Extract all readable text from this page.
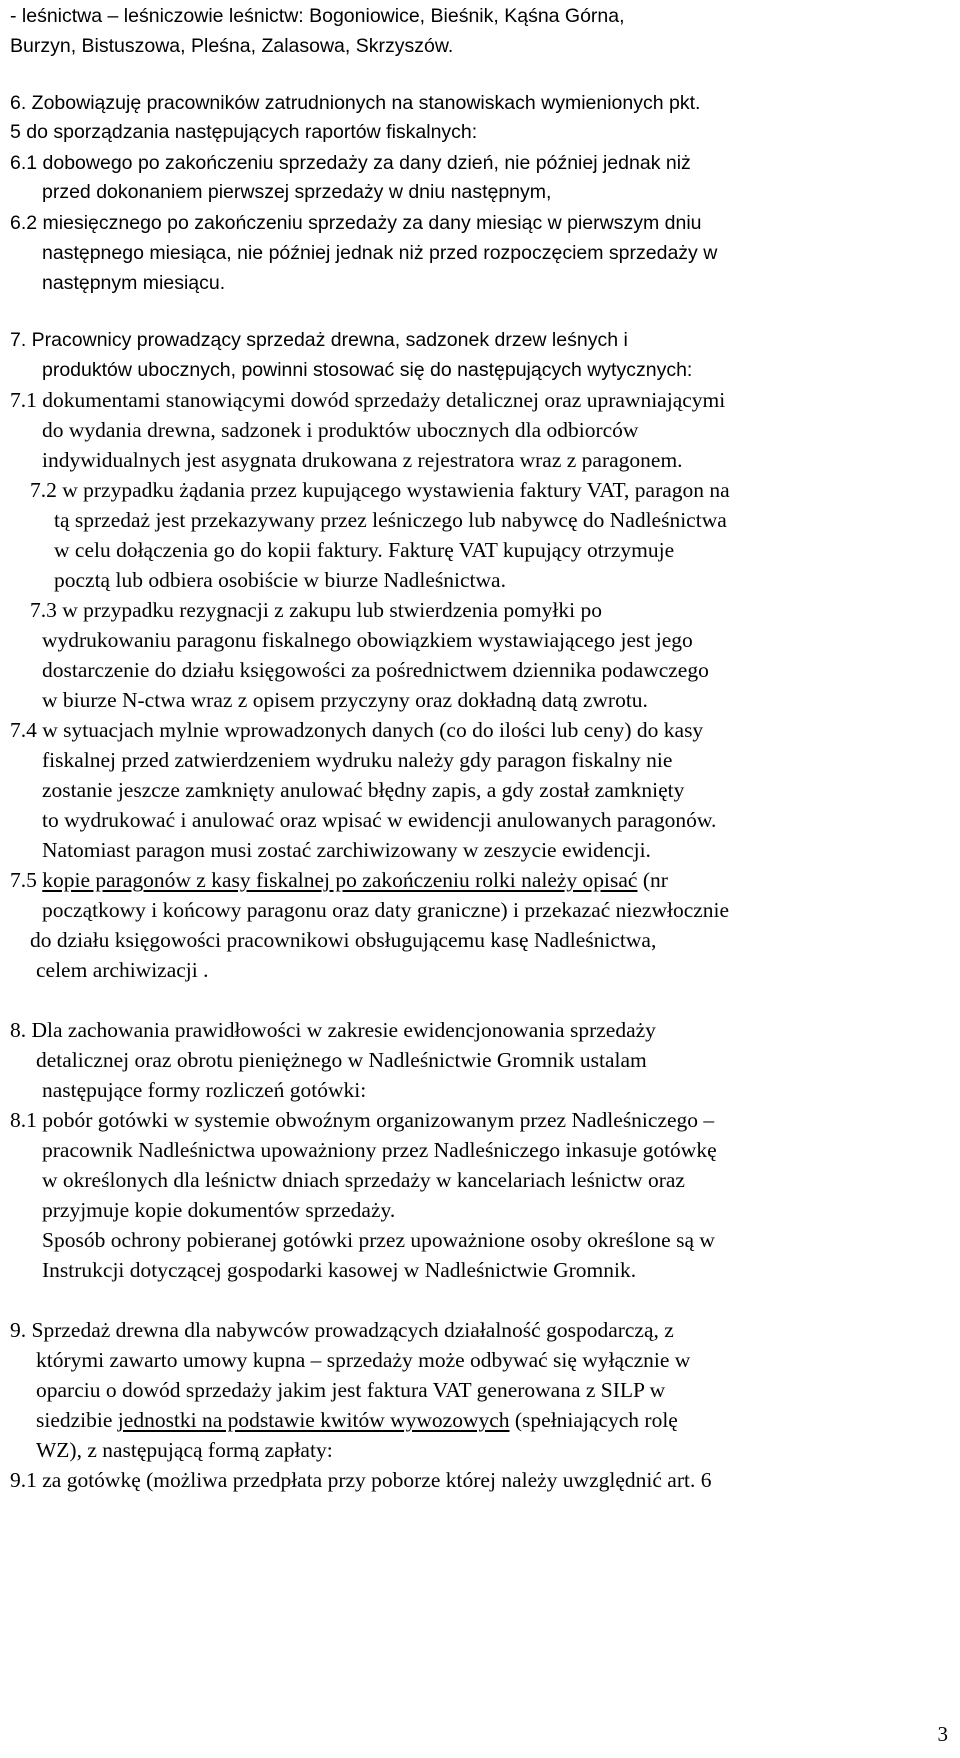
3
- leśnictwa – leśniczowie leśnictw: Bogoniowice, Bieśnik, Kąśna Górna,
Burzyn, Bistuszowa, Pleśna, Zalasowa, Skrzyszów.
6. Zobowiązuję pracowników zatrudnionych na stanowiskach wymienionych pkt.
5 do sporządzania następujących raportów fiskalnych:
6.1 dobowego po zakończeniu sprzedaży za dany dzień, nie później jednak niż
przed dokonaniem pierwszej sprzedaży w dniu następnym,
6.2 miesięcznego po zakończeniu sprzedaży za dany miesiąc w pierwszym dniu
następnego miesiąca, nie później jednak niż przed rozpoczęciem sprzedaży w
następnym miesiącu.
7. Pracownicy prowadzący sprzedaż drewna, sadzonek drzew leśnych i
produktów ubocznych, powinni stosować się do następujących wytycznych:
7.1 dokumentami stanowiącymi dowód sprzedaży detalicznej oraz uprawniającymi
do wydania drewna, sadzonek i produktów ubocznych dla odbiorców
indywidualnych jest asygnata drukowana z rejestratora wraz z paragonem.
7.2 w przypadku żądania przez kupującego wystawienia faktury VAT, paragon na
tą sprzedaż jest przekazywany przez leśniczego lub nabywcę do Nadleśnictwa
w celu dołączenia go do kopii faktury. Fakturę VAT kupujący otrzymuje
pocztą lub odbiera osobiście w biurze Nadleśnictwa.
7.3 w przypadku rezygnacji z zakupu lub stwierdzenia pomyłki po
wydrukowaniu paragonu fiskalnego obowiązkiem wystawiającego jest jego
dostarczenie do działu księgowości za pośrednictwem dziennika podawczego
w biurze N-ctwa wraz z opisem przyczyny oraz dokładną datą zwrotu.
7.4 w sytuacjach mylnie wprowadzonych danych (co do ilości lub ceny) do kasy
fiskalnej przed zatwierdzeniem wydruku należy gdy paragon fiskalny nie
zostanie jeszcze zamknięty anulować błędny zapis, a gdy został zamknięty
to wydrukować i anulować oraz wpisać w ewidencji anulowanych paragonów.
Natomiast paragon musi zostać zarchiwizowany w zeszycie ewidencji.
7.5 kopie paragonów z kasy fiskalnej po zakończeniu rolki należy opisać (nr
początkowy i końcowy paragonu oraz daty graniczne) i przekazać niezwłocznie
do działu księgowości pracownikowi obsługującemu kasę Nadleśnictwa,
celem archiwizacji .
8. Dla zachowania prawidłowości w zakresie ewidencjonowania sprzedaży
detalicznej oraz obrotu pieniężnego w Nadleśnictwie Gromnik ustalam
następujące formy rozliczeń gotówki:
8.1 pobór gotówki w systemie obwoźnym organizowanym przez Nadleśniczego –
pracownik Nadleśnictwa upoważniony przez Nadleśniczego inkasuje gotówkę
w określonych dla leśnictw dniach sprzedaży w kancelariach leśnictw oraz
przyjmuje kopie dokumentów sprzedaży.
Sposób ochrony pobieranej gotówki przez upoważnione osoby określone są w
Instrukcji dotyczącej gospodarki kasowej w Nadleśnictwie Gromnik.
9. Sprzedaż drewna dla nabywców prowadzących działalność gospodarczą, z
którymi zawarto umowy kupna – sprzedaży może odbywać się wyłącznie w
oparciu o dowód sprzedaży jakim jest faktura VAT generowana z SILP w
siedzibie jednostki na podstawie kwitów wywozowych (spełniających rolę
WZ), z następującą formą zapłaty:
9.1 za gotówkę (możliwa przedpłata przy poborze której należy uwzględnić art. 6
